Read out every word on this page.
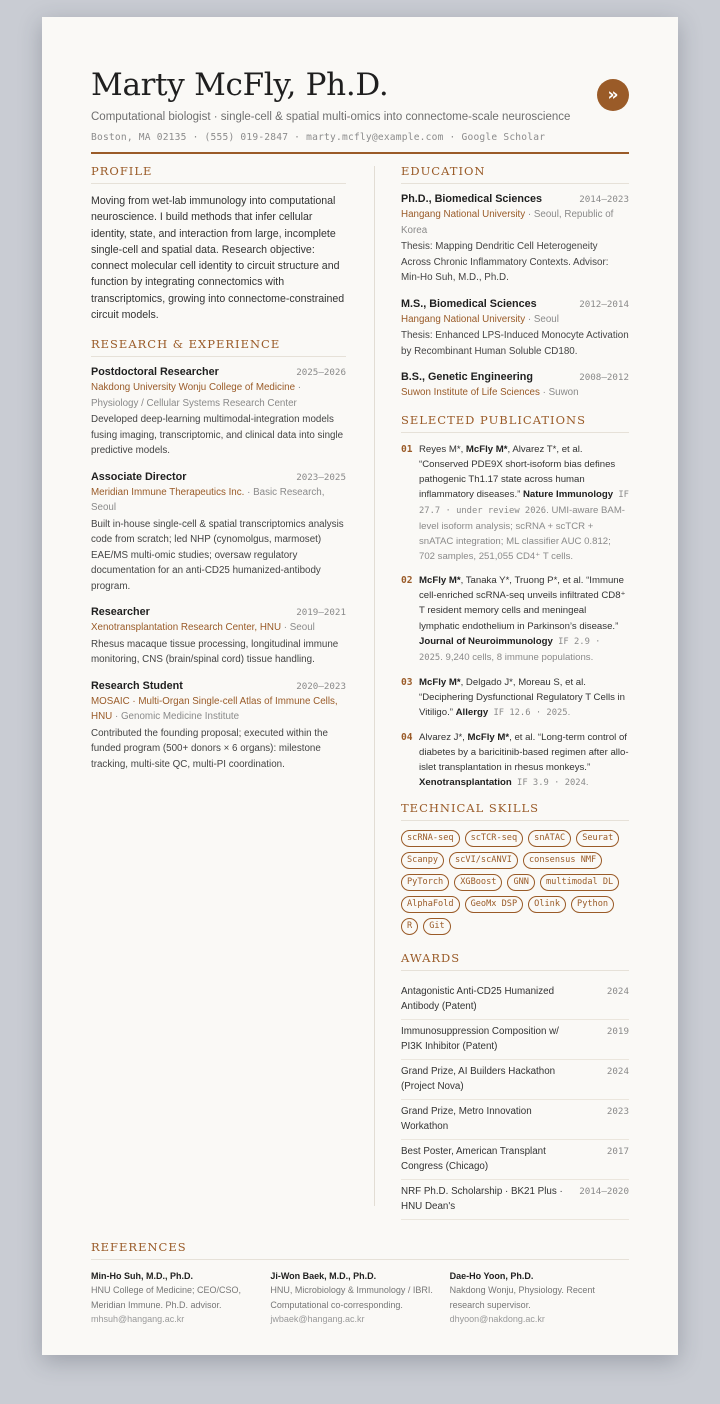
Marty McFly, Ph.D.
Computational biologist · single-cell & spatial multi-omics into connectome-scale neuroscience
Boston, MA 02135 · (555) 019-2847 · marty.mcfly@example.com · Google Scholar
»
PROFILE
Moving from wet-lab immunology into computational neuroscience. I build methods that infer cellular identity, state, and interaction from large, incomplete single-cell and spatial data. Research objective: connect molecular cell identity to circuit structure and function by integrating connectomics with transcriptomics, growing into connectome-constrained circuit models.
RESEARCH & EXPERIENCE
Postdoctoral Researcher	2025–2026
Nakdong University Wonju College of Medicine · Physiology / Cellular Systems Research Center
Developed deep-learning multimodal-integration models fusing imaging, transcriptomic, and clinical data into single predictive models.
Associate Director	2023–2025
Meridian Immune Therapeutics Inc. · Basic Research, Seoul
Built in-house single-cell & spatial transcriptomics analysis code from scratch; led NHP (cynomolgus, marmoset) EAE/MS multi-omic studies; oversaw regulatory documentation for an anti-CD25 humanized-antibody program.
Researcher	2019–2021
Xenotransplantation Research Center, HNU · Seoul
Rhesus macaque tissue processing, longitudinal immune monitoring, CNS (brain/spinal cord) tissue handling.
Research Student	2020–2023
MOSAIC · Multi-Organ Single-cell Atlas of Immune Cells, HNU · Genomic Medicine Institute
Contributed the founding proposal; executed within the funded program (500+ donors × 6 organs): milestone tracking, multi-site QC, multi-PI coordination.
EDUCATION
Ph.D., Biomedical Sciences	2014–2023
Hangang National University · Seoul, Republic of Korea
Thesis: Mapping Dendritic Cell Heterogeneity Across Chronic Inflammatory Contexts. Advisor: Min-Ho Suh, M.D., Ph.D.
M.S., Biomedical Sciences	2012–2014
Hangang National University · Seoul
Thesis: Enhanced LPS-Induced Monocyte Activation by Recombinant Human Soluble CD180.
B.S., Genetic Engineering	2008–2012
Suwon Institute of Life Sciences · Suwon
SELECTED PUBLICATIONS
01 Reyes M*, McFly M*, Alvarez T*, et al. “Conserved PDE9X short-isoform bias defines pathogenic Th1.17 state across human inflammatory diseases.” Nature Immunology IF 27.7 · under review 2026. UMI-aware BAM-level isoform analysis; scRNA + scTCR + snATAC integration; ML classifier AUC 0.812; 702 samples, 251,055 CD4⁺ T cells.
02 McFly M*, Tanaka Y*, Truong P*, et al. “Immune cell-enriched scRNA-seq unveils infiltrated CD8⁺ T resident memory cells and meningeal lymphatic endothelium in Parkinson’s disease.” Journal of Neuroimmunology IF 2.9 · 2025. 9,240 cells, 8 immune populations.
03 McFly M*, Delgado J*, Moreau S, et al. “Deciphering Dysfunctional Regulatory T Cells in Vitiligo.” Allergy IF 12.6 · 2025.
04 Alvarez J*, McFly M*, et al. “Long-term control of diabetes by a baricitinib-based regimen after allo-islet transplantation in rhesus monkeys.” Xenotransplantation IF 3.9 · 2024.
TECHNICAL SKILLS
scRNA-seq	scTCR-seq	snATAC	Seurat
Scanpy	scVI/scANVI	consensus NMF
PyTorch	XGBoost	GNN	multimodal DL
AlphaFold	GeoMx DSP	Olink	Python
R	Git
AWARDS
Antagonistic Anti-CD25 Humanized Antibody (Patent)
2024
Immunosuppression Composition w/ PI3K Inhibitor (Patent)
2019
Grand Prize, AI Builders Hackathon (Project Nova)
2024
Grand Prize, Metro Innovation Workathon
2023
Best Poster, American Transplant Congress (Chicago)
2017
NRF Ph.D. Scholarship · BK21 Plus · HNU Dean's
2014–2020
REFERENCES
Min-Ho Suh, M.D., Ph.D.
HNU College of Medicine; CEO/CSO, Meridian Immune. Ph.D. advisor.
mhsuh@hangang.ac.kr
Ji-Won Baek, M.D., Ph.D.
HNU, Microbiology & Immunology / IBRI. Computational co-corresponding.
jwbaek@hangang.ac.kr
Dae-Ho Yoon, Ph.D.
Nakdong Wonju, Physiology. Recent research supervisor.
dhyoon@nakdong.ac.kr
